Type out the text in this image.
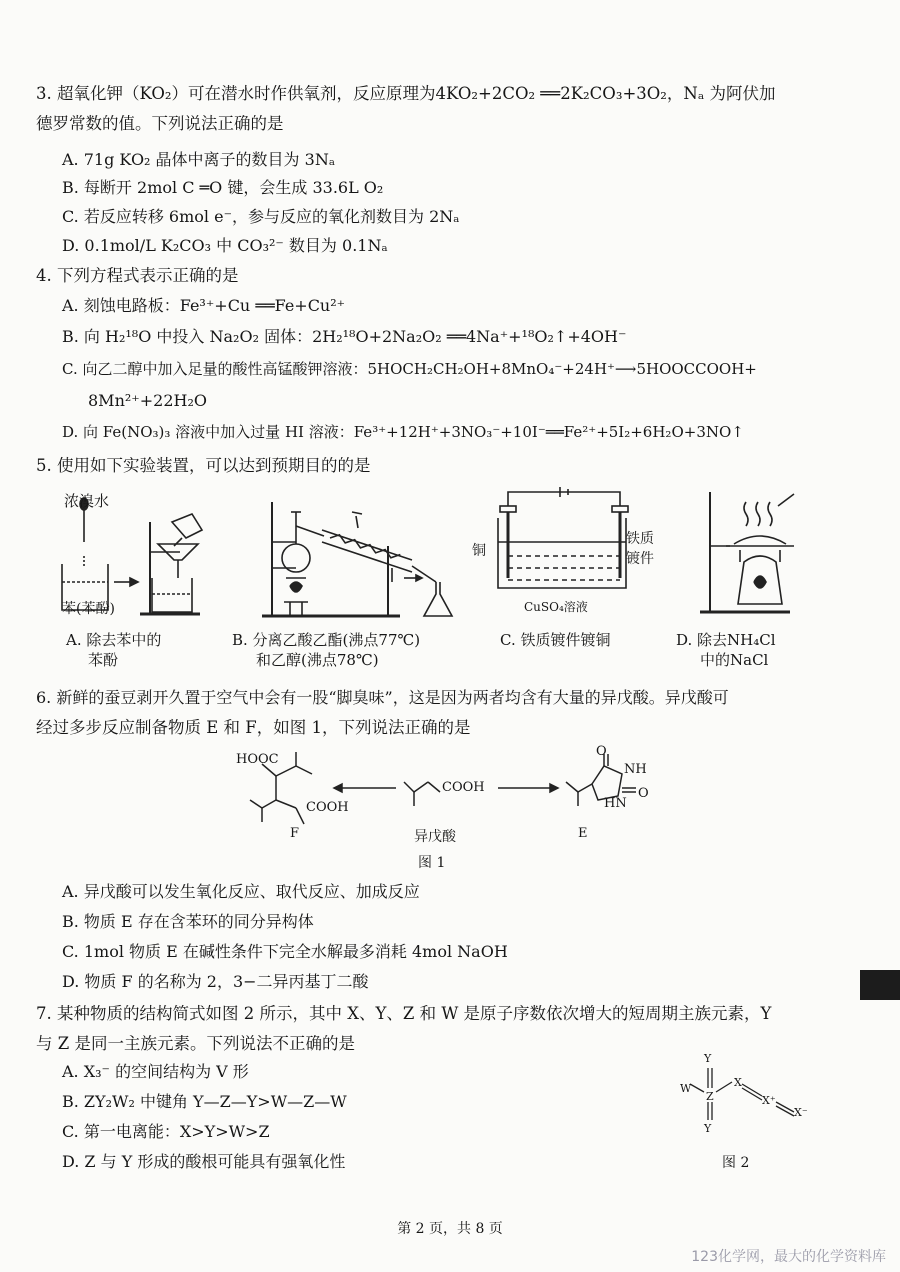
3. 超氧化钾（KO₂）可在潜水时作供氧剂，反应原理为4KO₂+2CO₂ ══2K₂CO₃+3O₂，Nₐ 为阿伏加
德罗常数的值。下列说法正确的是
A. 71g KO₂ 晶体中离子的数目为 3Nₐ
B. 每断开 2mol C ═O 键，会生成 33.6L O₂
C. 若反应转移 6mol e⁻，参与反应的氧化剂数目为 2Nₐ
D. 0.1mol/L K₂CO₃ 中 CO₃²⁻ 数目为 0.1Nₐ
4. 下列方程式表示正确的是
A. 刻蚀电路板：Fe³⁺+Cu ══Fe+Cu²⁺
B. 向 H₂¹⁸O 中投入 Na₂O₂ 固体：2H₂¹⁸O+2Na₂O₂ ══4Na⁺+¹⁸O₂↑+4OH⁻
C. 向乙二醇中加入足量的酸性高锰酸钾溶液：5HOCH₂CH₂OH+8MnO₄⁻+24H⁺⟶5HOOCCOOH+
8Mn²⁺+22H₂O
D. 向 Fe(NO₃)₃ 溶液中加入过量 HI 溶液：Fe³⁺+12H⁺+3NO₃⁻+10I⁻══Fe²⁺+5I₂+6H₂O+3NO↑
5. 使用如下实验装置，可以达到预期目的的是
浓溴水
苯(苯酚)
铜
铁质
镀件
CuSO₄溶液
A. 除去苯中的
苯酚
B. 分离乙酸乙酯(沸点77℃)
和乙醇(沸点78℃)
C. 铁质镀件镀铜	D. 除去NH₄Cl
中的NaCl
6. 新鲜的蚕豆剥开久置于空气中会有一股“脚臭味”，这是因为两者均含有大量的异戊酸。异戊酸可
经过多步反应制备物质 E 和 F，如图 1，下列说法正确的是
HOOC
COOH
COOH
O
NH
HN
O
F	异戊酸	E
图 1
A. 异戊酸可以发生氧化反应、取代反应、加成反应
B. 物质 E 存在含苯环的同分异构体
C. 1mol 物质 E 在碱性条件下完全水解最多消耗 4mol NaOH
D. 物质 F 的名称为 2，3−二异丙基丁二酸
7. 某种物质的结构简式如图 2 所示，其中 X、Y、Z 和 W 是原子序数依次增大的短周期主族元素，Y
与 Z 是同一主族元素。下列说法不正确的是
A. X₃⁻ 的空间结构为 V 形
B. ZY₂W₂ 中键角 Y—Z—Y>W—Z—W
C. 第一电离能：X>Y>W>Z
D. Z 与 Y 形成的酸根可能具有强氧化性
Y
W
Z
Y
X
X⁺
X⁻
图 2
第 2 页，共 8 页
123化学网，最大的化学资料库
